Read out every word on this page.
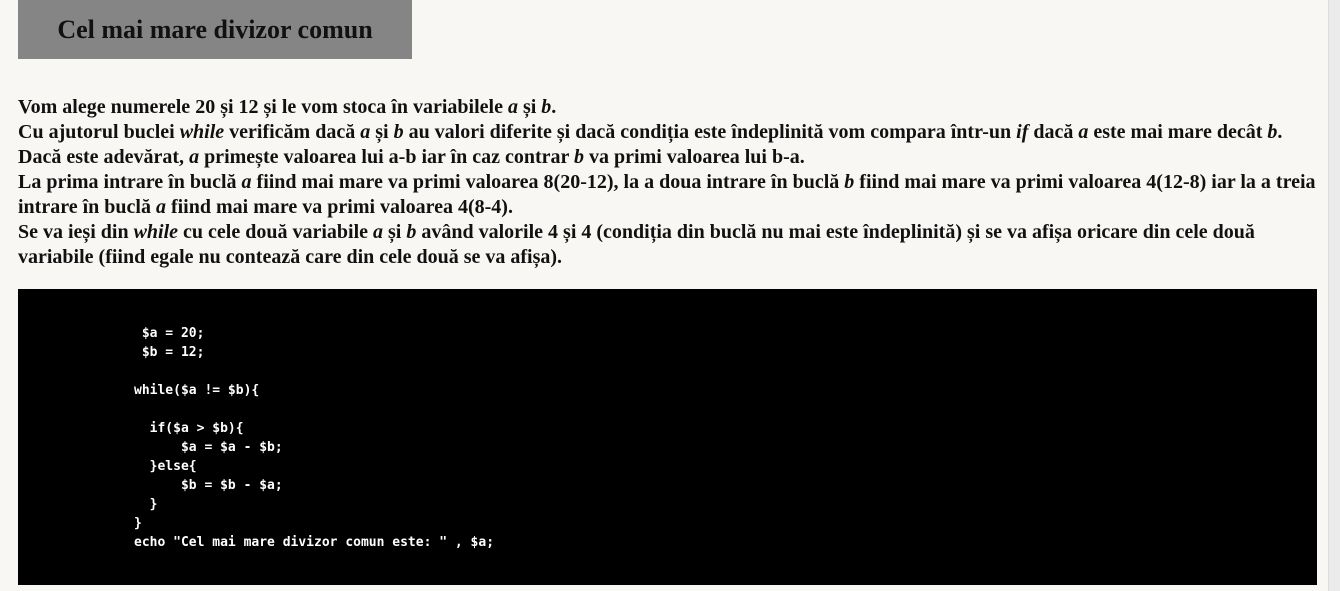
Cel mai mare divizor comun

Vom alege numerele 20 și 12 și le vom stoca în variabilele a și b.

Cu ajutorul buclei while verificăm dacă a și b au valori diferite și dacă condiția este îndeplinită vom compara într-un if dacă a este mai mare decât b. Dacă este adevărat, a primește valoarea lui a-b iar în caz contrar b va primi valoarea lui b-a.

La prima intrare în buclă a fiind mai mare va primi valoarea 8(20-12), la a doua intrare în buclă b fiind mai mare va primi valoarea 4(12-8) iar la a treia intrare în buclă a fiind mai mare va primi valoarea 4(8-4).

Se va ieși din while cu cele două variabile a și b având valorile 4 și 4 (condiția din buclă nu mai este îndeplinită) și se va afișa oricare din cele două variabile (fiind egale nu contează care din cele două se va afișa).

$a = 20;
$b = 12;
while($a != $b){
if($a > $b){
$a = $a - $b;
}else{
$b = $b - $a;
}
}
echo "Cel mai mare divizor comun este: " , $a;
